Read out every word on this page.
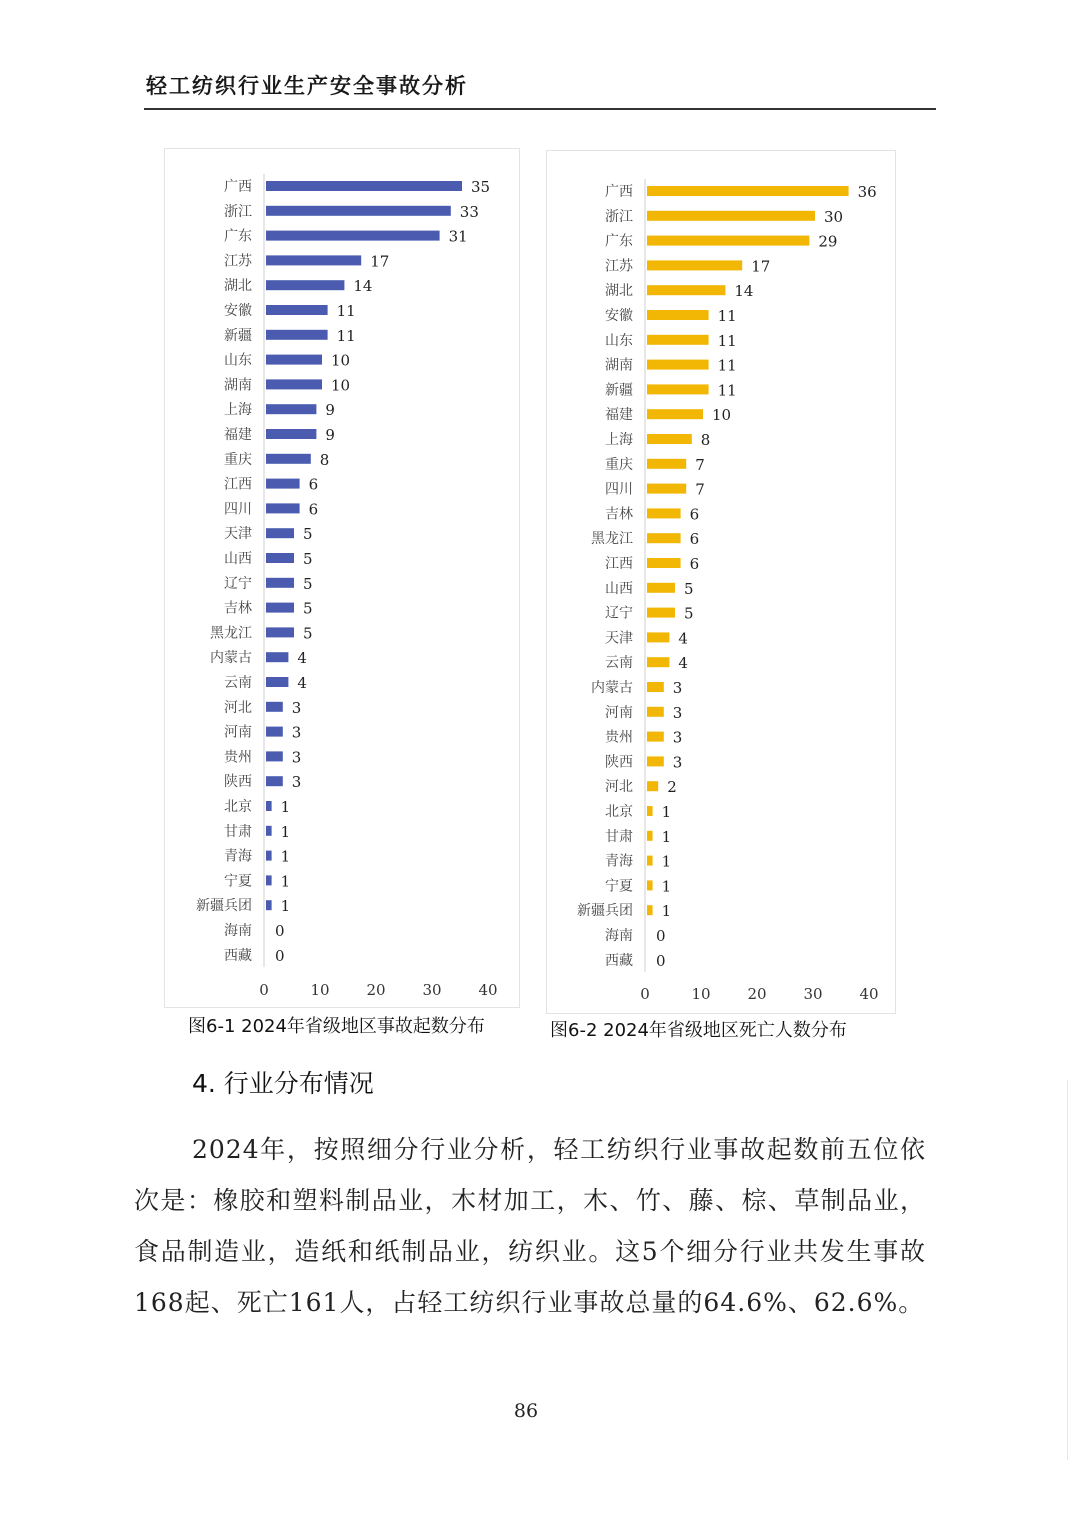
轻工纺织行业生产安全事故分析
广西	35
浙江	33
广东	31
江苏	17
湖北	14
安徽	11
新疆	11
山东	10
湖南	10
上海	9
福建	9
重庆	8
江西	6
四川	6
天津	5
山西	5
辽宁	5
吉林	5
黑龙江	5
内蒙古	4
云南	4
河北	3
河南	3
贵州	3
陕西	3
北京 1
甘肃 1
青海 1
宁夏 1
新疆兵团 1
海南 0
西藏 0
0	10 20 30 40
广西	36
浙江	30
广东	29
江苏	17
湖北	14
安徽	11
山东	11
湖南	11
新疆	11
福建	10
上海	8
重庆	7
四川	7
吉林	6
黑龙江	6
江西	6
山西	5
辽宁	5
天津	4
云南	4
内蒙古	3
河南	3
贵州	3
陕西	3
河北 2
北京 1
甘肃 1
青海 1
宁夏 1
新疆兵团 1
海南 0
西藏 0
0	10 20 30 40
图6-1 2024年省级地区事故起数分布	图6-2 2024年省级地区死亡人数分布
4. 行业分布情况

2024年，按照细分行业分析，轻工纺织行业事故起数前五位依次是：橡胶和塑料制品业，木材加工，木、竹、藤、棕、草制品业，食品制造业，造纸和纸制品业，纺织业。这5个细分行业共发生事故168起、死亡161人，占轻工纺织行业事故总量的64.6%、62.6%。

86
